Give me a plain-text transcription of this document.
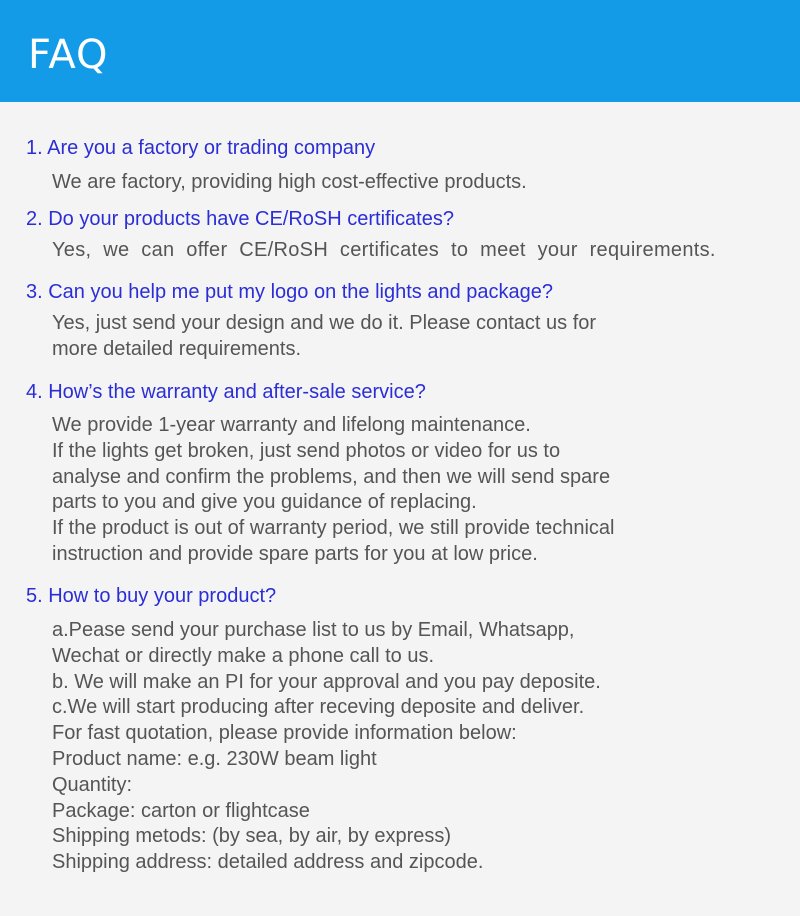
FAQ
1. Are you a factory or trading company
We are factory, providing high cost-effective products.
2. Do your products have CE/RoSH certificates?
Yes, we can offer CE/RoSH certificates to meet your requirements.
3. Can you help me put my logo on the lights and package?
Yes, just send your design and we do it. Please contact us for
more detailed requirements.
4. How’s the warranty and after-sale service?
We provide 1-year warranty and lifelong maintenance.
If the lights get broken, just send photos or video for us to
analyse and confirm the problems, and then we will send spare
parts to you and give you guidance of replacing.
If the product is out of warranty period, we still provide technical
instruction and provide spare parts for you at low price.
5. How to buy your product?
a.Pease send your purchase list to us by Email, Whatsapp,
Wechat or directly make a phone call to us.
b. We will make an PI for your approval and you pay deposite.
c.We will start producing after receving deposite and deliver.
For fast quotation, please provide information below:
Product name: e.g. 230W beam light
Quantity:
Package: carton or flightcase
Shipping metods: (by sea, by air, by express)
Shipping address: detailed address and zipcode.
